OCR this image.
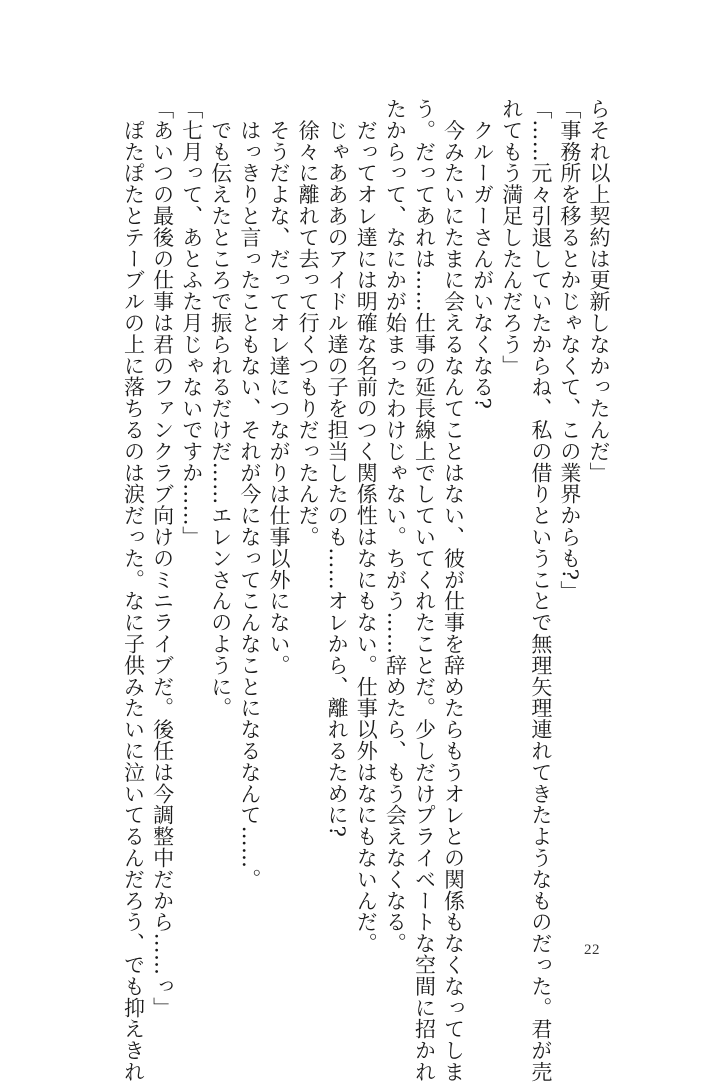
らそれ以上契約は更新しなかったんだ」
「事務所を移るとかじゃなくて、この業界からも?」
「……元々引退していたからね、私の借りということで無理矢理連れてきたようなものだった。君が売
れてもう満足したんだろう」
　クルーガーさんがいなくなる?
　今みたいにたまに会えるなんてことはない、彼が仕事を辞めたらもうオレとの関係もなくなってしま
う。だってあれは……仕事の延長線上でしていてくれたことだ。少しだけプライベートな空間に招かれ
たからって、なにかが始まったわけじゃない。ちがう……辞めたら、もう会えなくなる。
　だってオレ達には明確な名前のつく関係性はなにもない。仕事以外はなにもないんだ。
　じゃあああのアイドル達の子を担当したのも……オレから、離れるために?
　徐々に離れて去って行くつもりだったんだ。
　そうだよな、だってオレ達につながりは仕事以外にない。
　はっきりと言ったこともない、それが今になってこんなことになるなんて……。
　でも伝えたところで振られるだけだ……エレンさんのように。
「七月って、あとふた月じゃないですか……」
「あいつの最後の仕事は君のファンクラブ向けのミニライブだ。後任は今調整中だから……っ」
　ぽたぽたとテーブルの上に落ちるのは涙だった。なに子供みたいに泣いてるんだろう、でも抑えきれ	22
